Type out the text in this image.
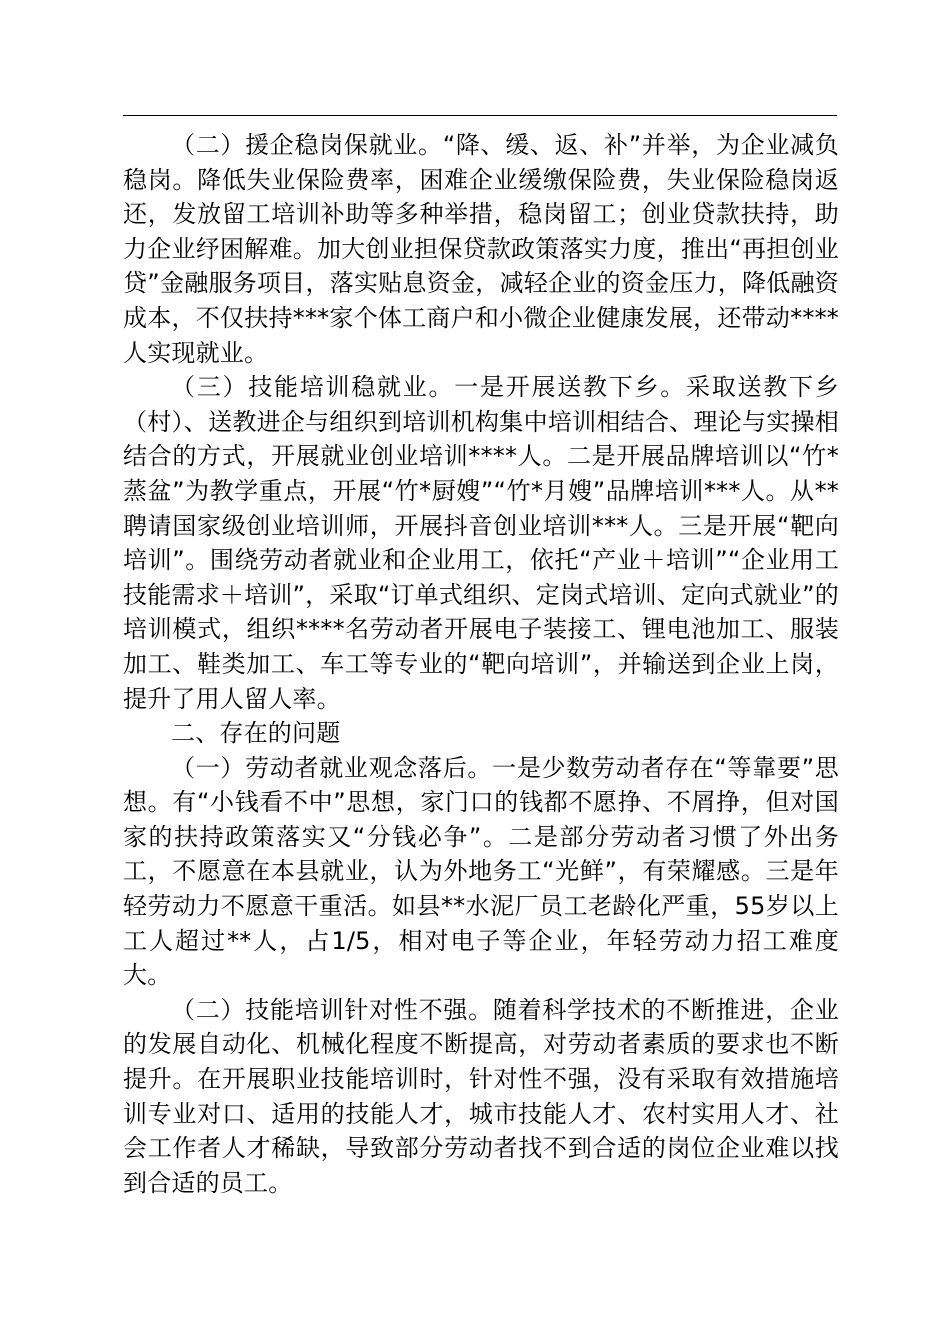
（二）援企稳岗保就业。“降、缓、返、补”并举，为企业减负稳岗。降低失业保险费率，困难企业缓缴保险费，失业保险稳岗返还，发放留工培训补助等多种举措，稳岗留工；创业贷款扶持，助力企业纾困解难。加大创业担保贷款政策落实力度，推出“再担创业贷”金融服务项目，落实贴息资金，减轻企业的资金压力，降低融资成本，不仅扶持***家个体工商户和小微企业健康发展，还带动****人实现就业。

（三）技能培训稳就业。一是开展送教下乡。采取送教下乡（村）、送教进企与组织到培训机构集中培训相结合、理论与实操相结合的方式，开展就业创业培训****人。二是开展品牌培训以“竹*蒸盆”为教学重点，开展“竹*厨嫂”“竹*月嫂”品牌培训***人。从**聘请国家级创业培训师，开展抖音创业培训***人。三是开展“靶向培训”。围绕劳动者就业和企业用工，依托“产业＋培训”“企业用工技能需求＋培训”，采取“订单式组织、定岗式培训、定向式就业”的培训模式，组织****名劳动者开展电子装接工、锂电池加工、服装加工、鞋类加工、车工等专业的“靶向培训”，并输送到企业上岗，提升了用人留人率。

二、存在的问题

（一）劳动者就业观念落后。一是少数劳动者存在“等靠要”思想。有“小钱看不中”思想，家门口的钱都不愿挣、不屑挣，但对国家的扶持政策落实又“分钱必争”。二是部分劳动者习惯了外出务工，不愿意在本县就业，认为外地务工“光鲜”，有荣耀感。三是年轻劳动力不愿意干重活。如县**水泥厂员工老龄化严重，55岁以上工人超过**人，占1/5，相对电子等企业，年轻劳动力招工难度大。

（二）技能培训针对性不强。随着科学技术的不断推进，企业的发展自动化、机械化程度不断提高，对劳动者素质的要求也不断提升。在开展职业技能培训时，针对性不强，没有采取有效措施培训专业对口、适用的技能人才，城市技能人才、农村实用人才、社会工作者人才稀缺，导致部分劳动者找不到合适的岗位企业难以找到合适的员工。
